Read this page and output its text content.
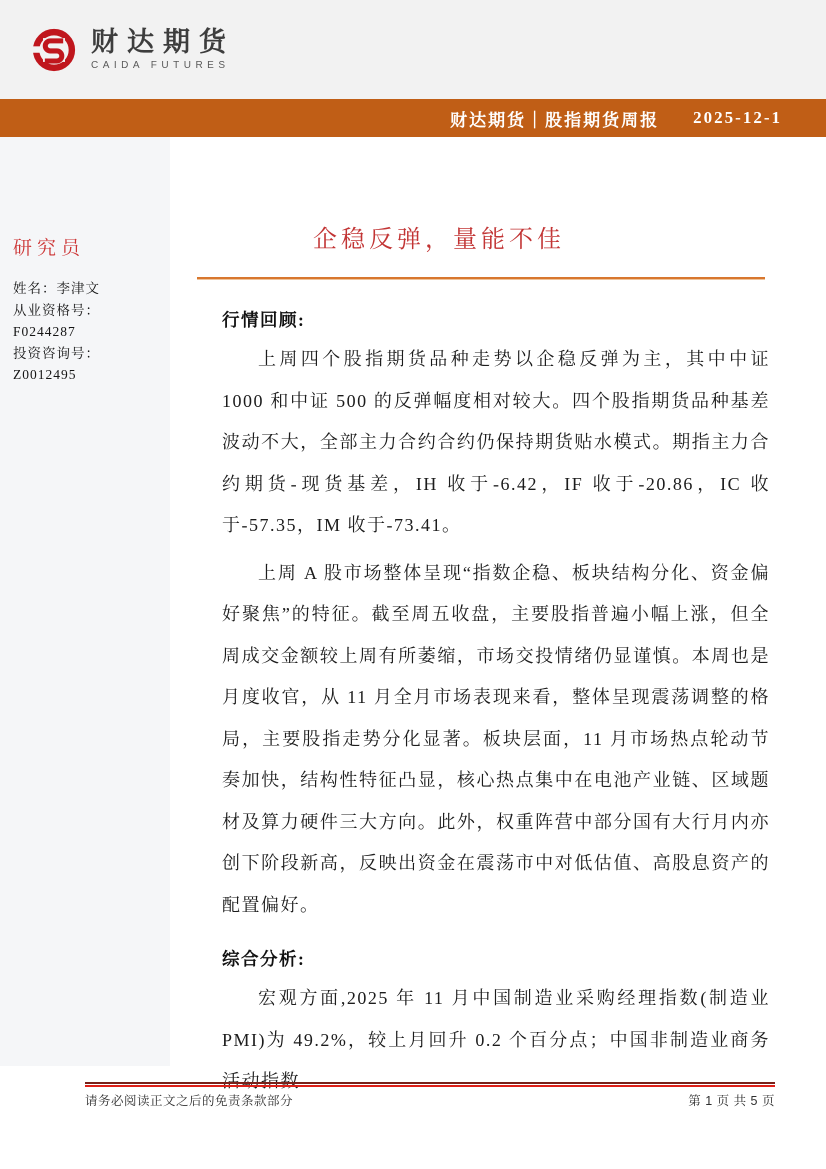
财达期货
CAIDA FUTURES
财达期货｜股指期货周报 2025-12-1
研究员
姓名：李津文
从业资格号：
F0244287
投资咨询号：
Z0012495
企稳反弹，量能不佳
行情回顾:

上周四个股指期货品种走势以企稳反弹为主，其中中证 1000 和中证 500 的反弹幅度相对较大。四个股指期货品种基差波动不大，全部主力合约合约仍保持期货贴水模式。期指主力合约期货-现货基差，IH 收于-6.42，IF 收于-20.86，IC 收于-57.35，IM 收于-73.41。

上周 A 股市场整体呈现“指数企稳、板块结构分化、资金偏好聚焦”的特征。截至周五收盘，主要股指普遍小幅上涨，但全周成交金额较上周有所萎缩，市场交投情绪仍显谨慎。本周也是月度收官，从 11 月全月市场表现来看，整体呈现震荡调整的格局，主要股指走势分化显著。板块层面，11 月市场热点轮动节奏加快，结构性特征凸显，核心热点集中在电池产业链、区域题材及算力硬件三大方向。此外，权重阵营中部分国有大行月内亦创下阶段新高，反映出资金在震荡市中对低估值、高股息资产的配置偏好。

综合分析:

宏观方面,2025 年 11 月中国制造业采购经理指数(制造业 PMI)为 49.2%，较上月回升 0.2 个百分点；中国非制造业商务活动指数

请务必阅读正文之后的免责条款部分	第 1 页 共 5 页
